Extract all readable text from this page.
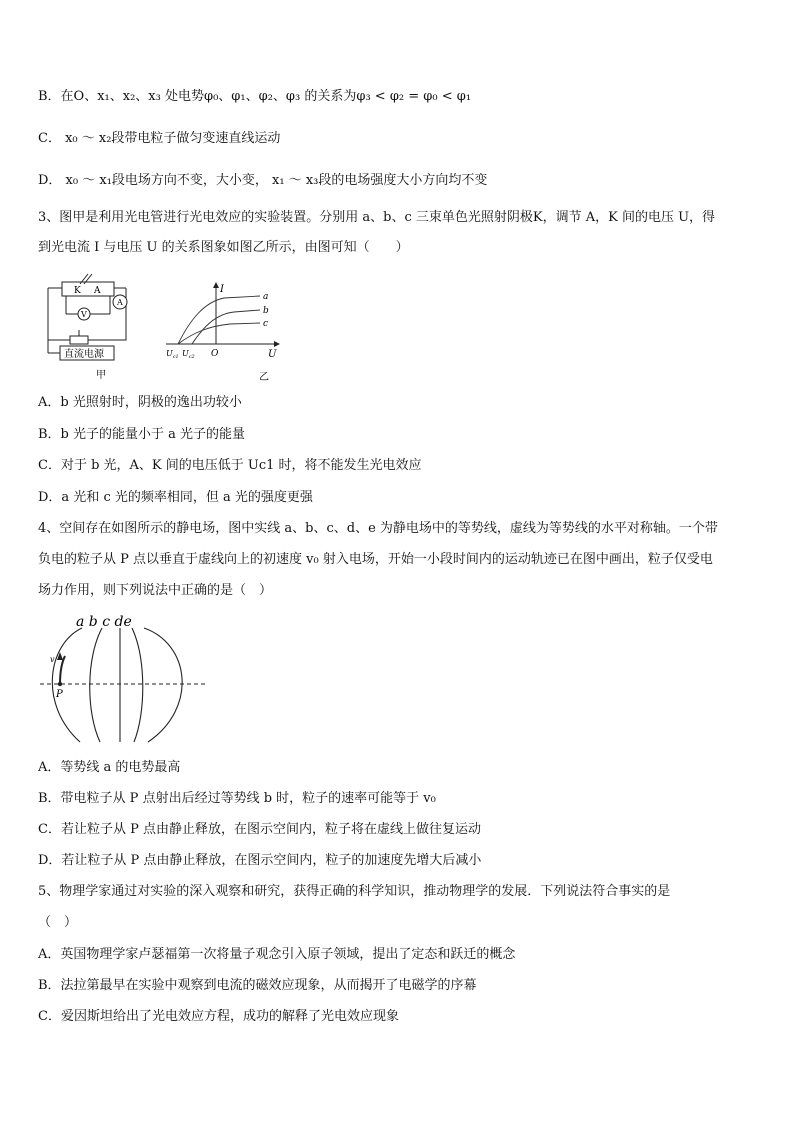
B．在O、x₁、x₂、x₃ 处电势φ₀、φ₁、φ₂、φ₃ 的关系为φ₃ < φ₂ = φ₀ < φ₁
C． x₀ ～ x₂段带电粒子做匀变速直线运动
D． x₀ ～ x₁段电场方向不变，大小变， x₁ ～ x₃段的电场强度大小方向均不变
3、图甲是利用光电管进行光电效应的实验装置。分别用 a、b、c 三束单色光照射阴极K，调节 A，K 间的电压 U，得
到光电流 I 与电压 U 的关系图象如图乙所示，由图可知（　　）
K A
A
V
直流电源
甲
I
U
O
a
b
c
$U_{c1}$ $U_{c2}$
乙
A．b 光照射时，阴极的逸出功较小
B．b 光子的能量小于 a 光子的能量
C．对于 b 光，A、K 间的电压低于 Uc1 时，将不能发生光电效应
D．a 光和 c 光的频率相同，但 a 光的强度更强
4、空间存在如图所示的静电场，图中实线 a、b、c、d、e 为静电场中的等势线，虚线为等势线的水平对称轴。一个带
负电的粒子从 P 点以垂直于虚线向上的初速度 v₀ 射入电场，开始一小段时间内的运动轨迹已在图中画出，粒子仅受电
场力作用，则下列说法中正确的是（　）
a b c de
P
v
A．等势线 a 的电势最高
B．带电粒子从 P 点射出后经过等势线 b 时，粒子的速率可能等于 v₀
C．若让粒子从 P 点由静止释放，在图示空间内，粒子将在虚线上做往复运动
D．若让粒子从 P 点由静止释放，在图示空间内，粒子的加速度先增大后减小
5、物理学家通过对实验的深入观察和研究，获得正确的科学知识，推动物理学的发展．下列说法符合事实的是
（　）
A．英国物理学家卢瑟福第一次将量子观念引入原子领域，提出了定态和跃迁的概念
B．法拉第最早在实验中观察到电流的磁效应现象，从而揭开了电磁学的序幕
C．爱因斯坦给出了光电效应方程，成功的解释了光电效应现象
